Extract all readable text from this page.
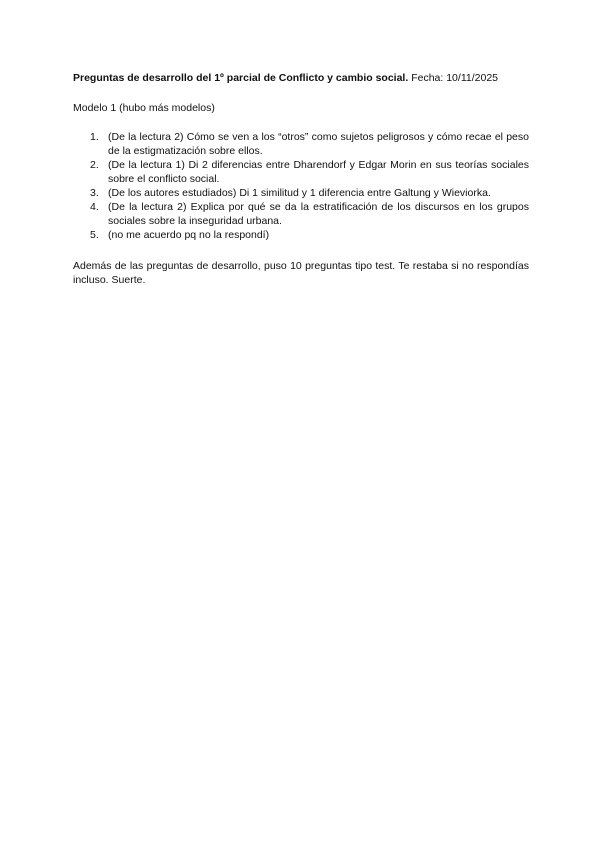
Preguntas de desarrollo del 1º parcial de Conflicto y cambio social. Fecha: 10/11/2025

Modelo 1 (hubo más modelos)

1. (De la lectura 2) Cómo se ven a los “otros” como sujetos peligrosos y cómo recae el peso de la estigmatización sobre ellos.
2. (De la lectura 1) Di 2 diferencias entre Dharendorf y Edgar Morin en sus teorías sociales sobre el conflicto social.
3. (De los autores estudiados) Di 1 similitud y 1 diferencia entre Galtung y Wieviorka.
4. (De la lectura 2) Explica por qué se da la estratificación de los discursos en los grupos sociales sobre la inseguridad urbana.
5. (no me acuerdo pq no la respondí)

Además de las preguntas de desarrollo, puso 10 preguntas tipo test. Te restaba si no respondías incluso. Suerte.
